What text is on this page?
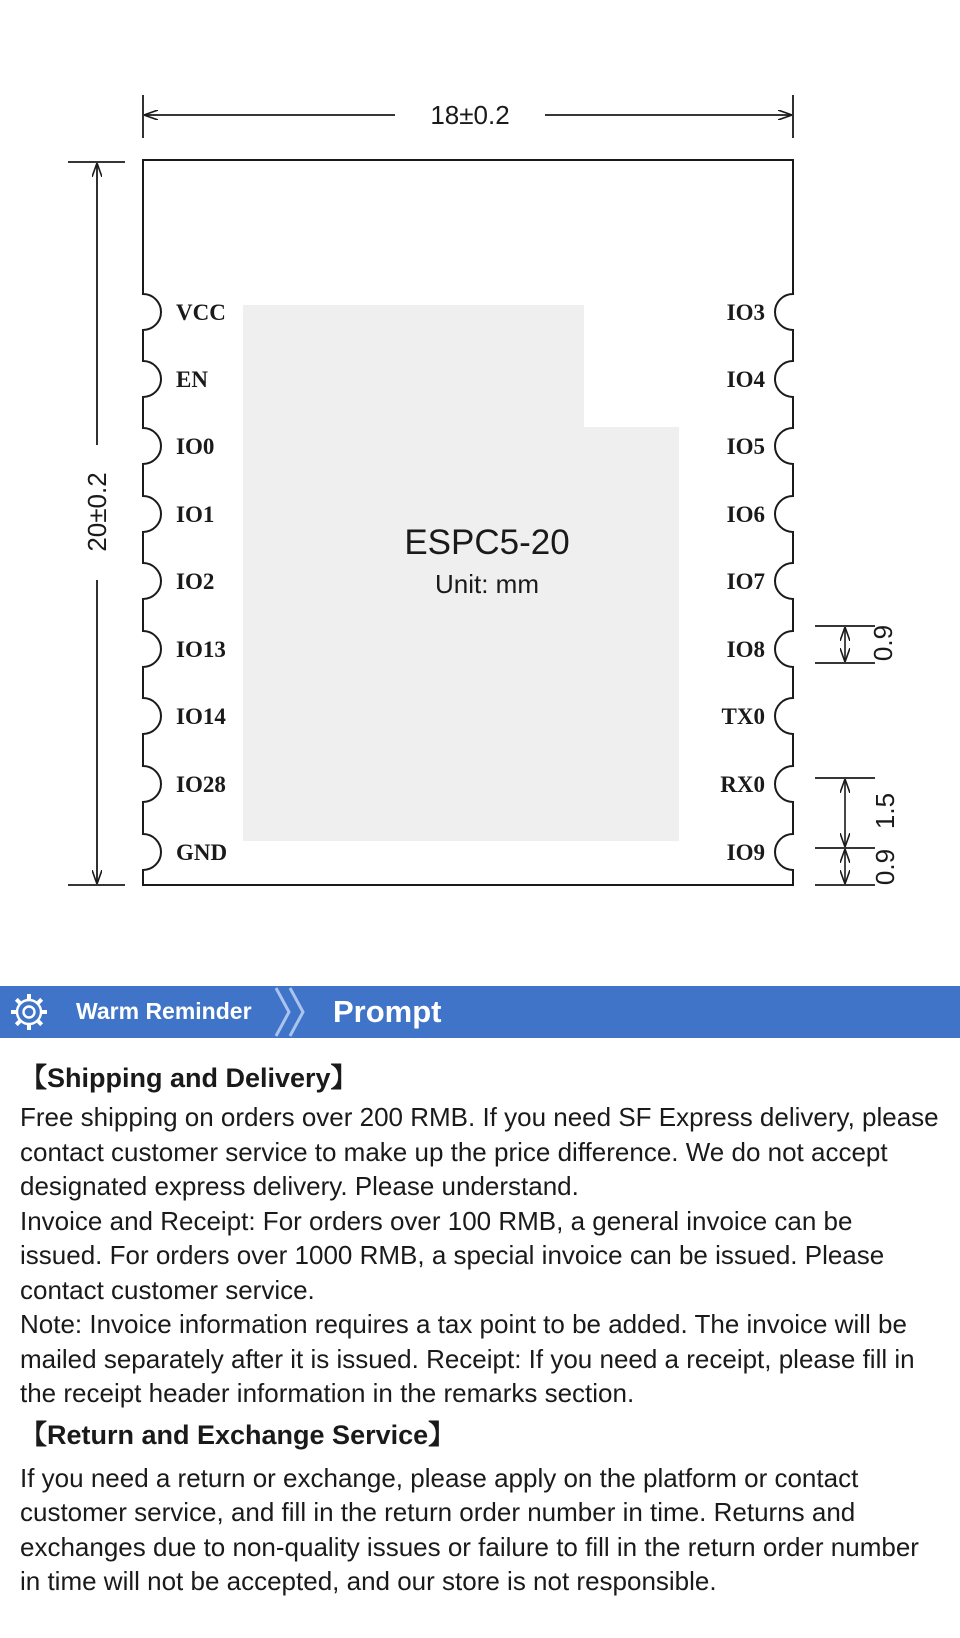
18±0.2
20±0.2	ESPC5-20
Unit: mm
VCC
EN
IO0
IO1
IO2
IO13
IO14
IO28
GND
IO3
IO4
IO5
IO6
IO7
IO8
TX0
RX0
IO9
0.9
1.5
0.9
Warm Reminder	Prompt
【Shipping and Delivery】

Free shipping on orders over 200 RMB. If you need SF Express delivery, please contact customer service to make up the price difference. We do not accept designated express delivery. Please understand.

Invoice and Receipt: For orders over 100 RMB, a general invoice can be issued. For orders over 1000 RMB, a special invoice can be issued. Please contact customer service.

Note: Invoice information requires a tax point to be added. The invoice will be mailed separately after it is issued. Receipt: If you need a receipt, please fill in the receipt header information in the remarks section.

【Return and Exchange Service】

If you need a return or exchange, please apply on the platform or contact customer service, and fill in the return order number in time. Returns and exchanges due to non-quality issues or failure to fill in the return order number in time will not be accepted, and our store is not responsible.
